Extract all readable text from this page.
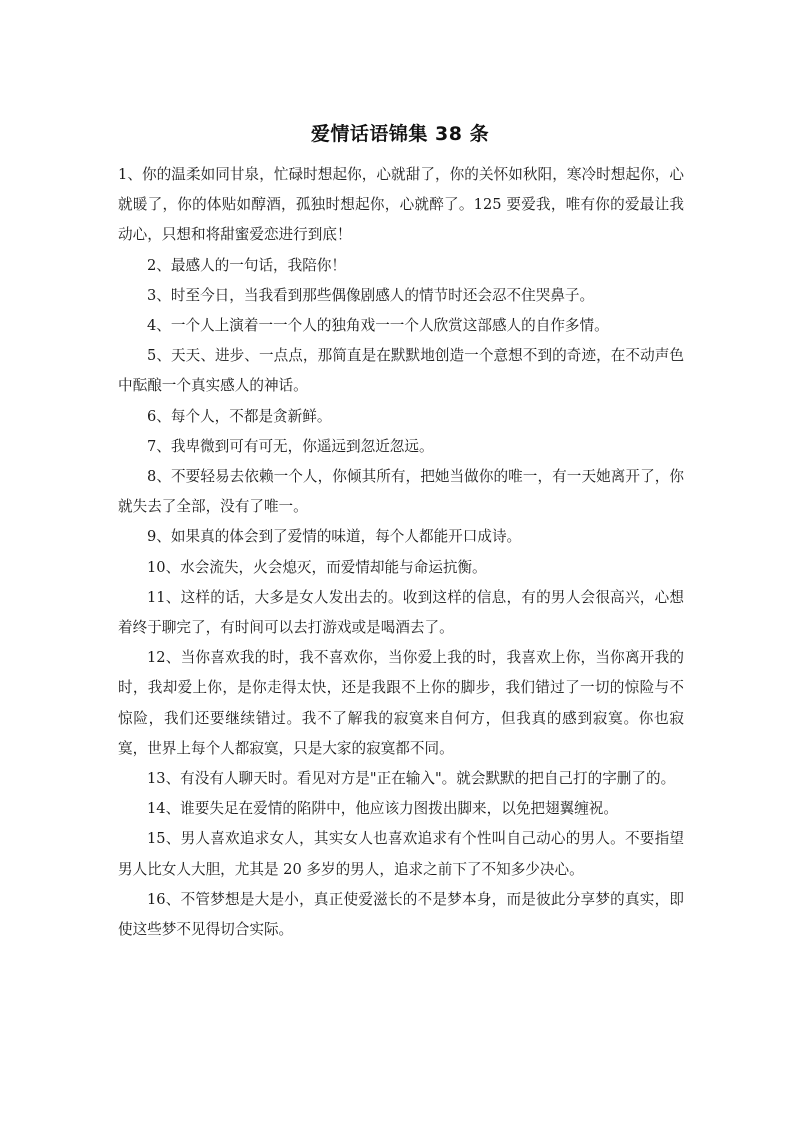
爱情话语锦集 38 条

1、你的温柔如同甘泉，忙碌时想起你，心就甜了，你的关怀如秋阳，寒冷时想起你，心就暖了，你的体贴如醇酒，孤独时想起你，心就醉了。125 要爱我，唯有你的爱最让我动心，只想和将甜蜜爱恋进行到底！

2、最感人的一句话，我陪你！

3、时至今日，当我看到那些偶像剧感人的情节时还会忍不住哭鼻子。

4、一个人上演着一一个人的独角戏一一个人欣赏这部感人的自作多情。

5、天天、进步、一点点，那简直是在默默地创造一个意想不到的奇迹，在不动声色中酝酿一个真实感人的神话。

6、每个人，不都是贪新鲜。

7、我卑微到可有可无，你遥远到忽近忽远。

8、不要轻易去依赖一个人，你倾其所有，把她当做你的唯一，有一天她离开了，你就失去了全部，没有了唯一。

9、如果真的体会到了爱情的味道，每个人都能开口成诗。

10、水会流失，火会熄灭，而爱情却能与命运抗衡。

11、这样的话，大多是女人发出去的。收到这样的信息，有的男人会很高兴，心想着终于聊完了，有时间可以去打游戏或是喝酒去了。

12、当你喜欢我的时，我不喜欢你，当你爱上我的时，我喜欢上你，当你离开我的时，我却爱上你，是你走得太快，还是我跟不上你的脚步，我们错过了一切的惊险与不惊险，我们还要继续错过。我不了解我的寂寞来自何方，但我真的感到寂寞。你也寂寞，世界上每个人都寂寞，只是大家的寂寞都不同。

13、有没有人聊天时。看见对方是"正在输入"。就会默默的把自己打的字删了的。

14、谁要失足在爱情的陷阱中，他应该力图拨出脚来，以免把翅翼缠祝。

15、男人喜欢追求女人，其实女人也喜欢追求有个性叫自己动心的男人。不要指望男人比女人大胆，尤其是 20 多岁的男人，追求之前下了不知多少决心。

16、不管梦想是大是小，真正使爱滋长的不是梦本身，而是彼此分享梦的真实，即使这些梦不见得切合实际。
